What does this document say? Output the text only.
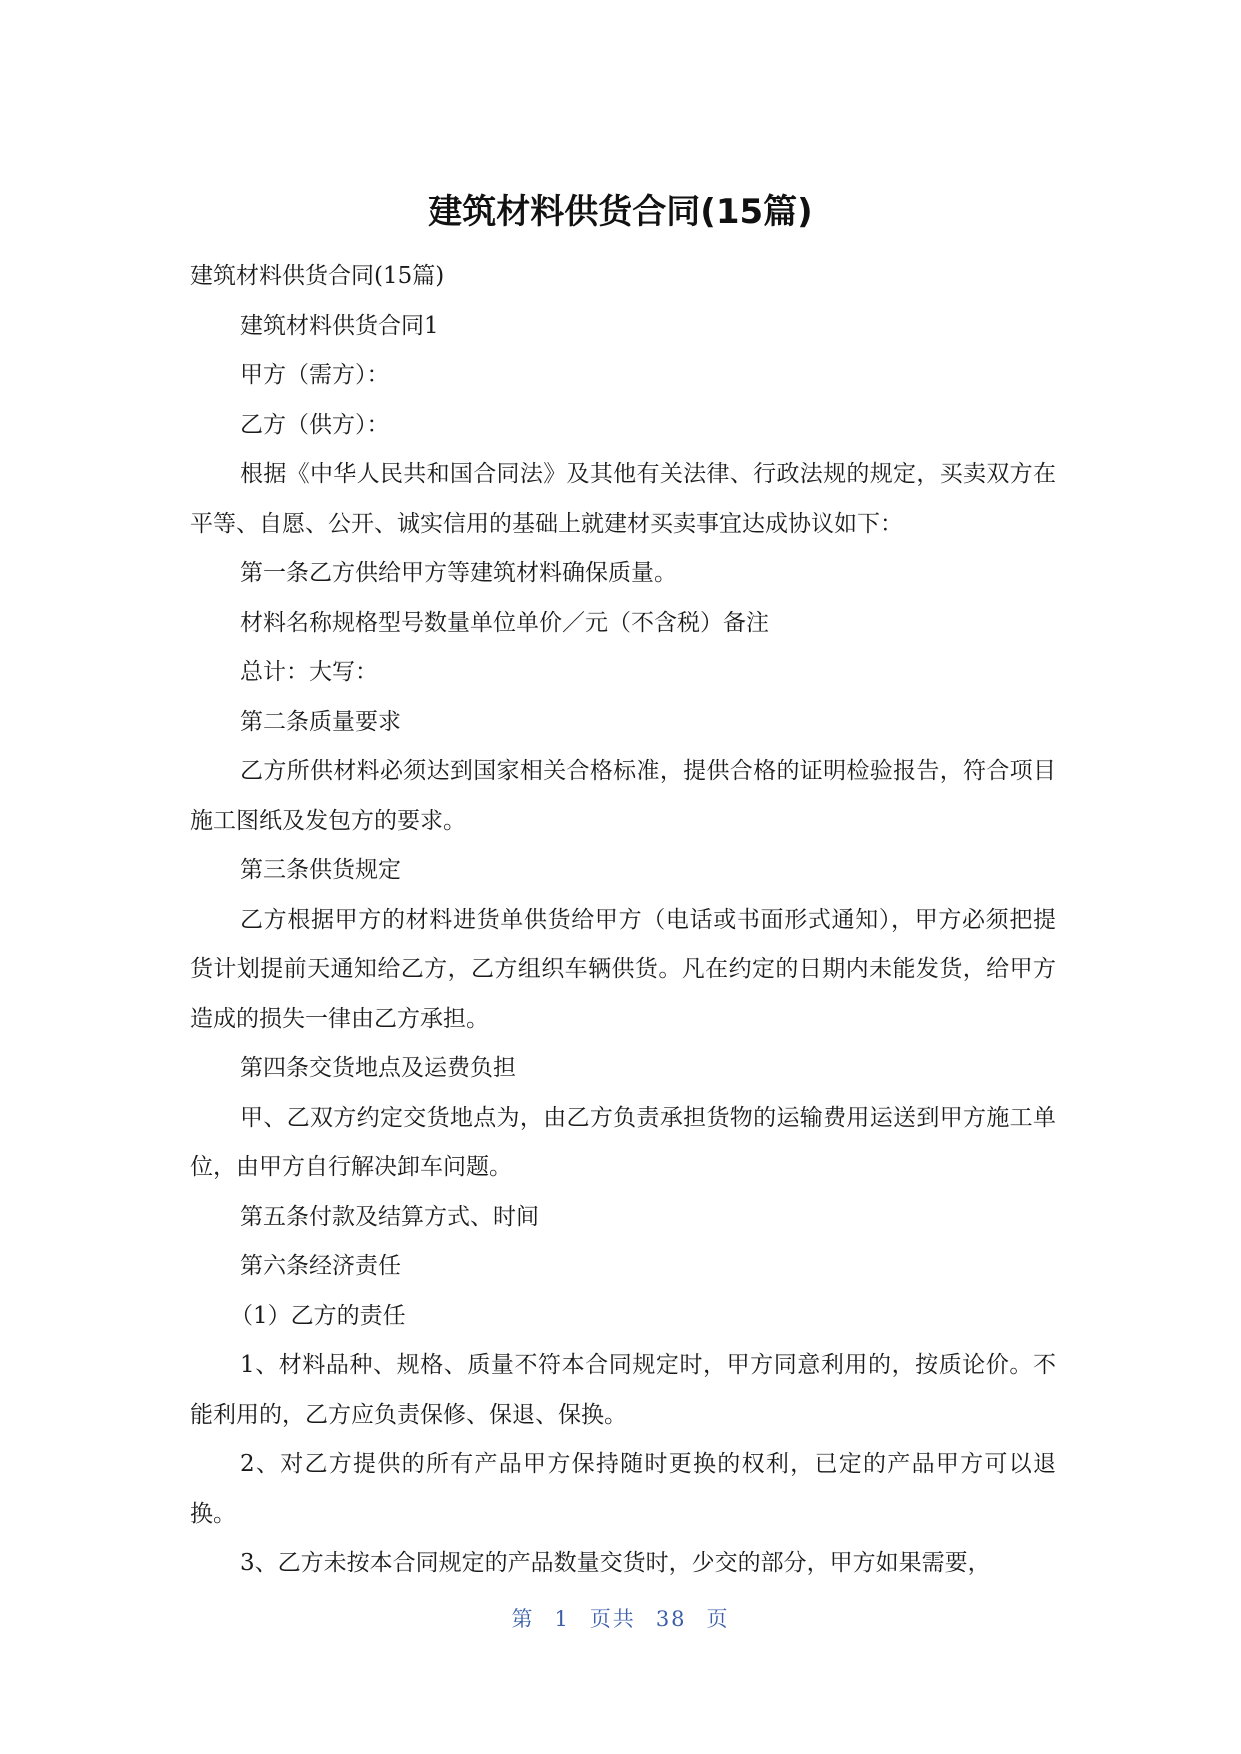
建筑材料供货合同(15篇)

建筑材料供货合同(15篇)

建筑材料供货合同1

甲方（需方）：

乙方（供方）：

根据《中华人民共和国合同法》及其他有关法律、行政法规的规定，买卖双方在平等、自愿、公开、诚实信用的基础上就建材买卖事宜达成协议如下：

第一条乙方供给甲方等建筑材料确保质量。

材料名称规格型号数量单位单价／元（不含税）备注

总计：大写：

第二条质量要求

乙方所供材料必须达到国家相关合格标准，提供合格的证明检验报告，符合项目施工图纸及发包方的要求。

第三条供货规定

乙方根据甲方的材料进货单供货给甲方（电话或书面形式通知），甲方必须把提货计划提前天通知给乙方，乙方组织车辆供货。凡在约定的日期内未能发货，给甲方造成的损失一律由乙方承担。

第四条交货地点及运费负担

甲、乙双方约定交货地点为，由乙方负责承担货物的运输费用运送到甲方施工单位，由甲方自行解决卸车问题。

第五条付款及结算方式、时间

第六条经济责任

（1）乙方的责任

1、材料品种、规格、质量不符本合同规定时，甲方同意利用的，按质论价。不能利用的，乙方应负责保修、保退、保换。

2、对乙方提供的所有产品甲方保持随时更换的权利，已定的产品甲方可以退换。

3、乙方未按本合同规定的产品数量交货时，少交的部分，甲方如果需要，

第 1 页共 38 页
